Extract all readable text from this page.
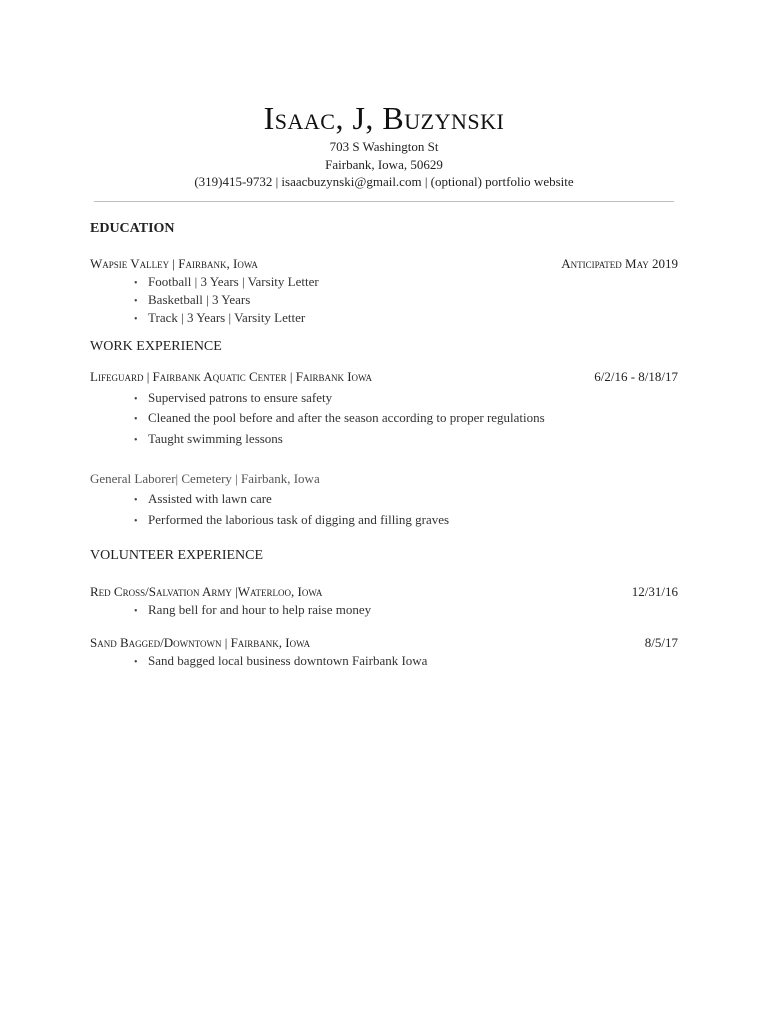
Isaac, J, Buzynski
703 S Washington St
Fairbank, Iowa, 50629
(319)415-9732 | isaacbuzynski@gmail.com | (optional) portfolio website
EDUCATION
Wapsie Valley | Fairbank, Iowa	Anticipated May 2019
• Football | 3 Years | Varsity Letter
• Basketball | 3 Years
• Track | 3 Years | Varsity Letter
WORK EXPERIENCE
Lifeguard | Fairbank Aquatic Center | Fairbank Iowa	6/2/16 - 8/18/17
• Supervised patrons to ensure safety
• Cleaned the pool before and after the season according to proper regulations
• Taught swimming lessons
General Laborer| Cemetery | Fairbank, Iowa
• Assisted with lawn care
• Performed the laborious task of digging and filling graves
VOLUNTEER EXPERIENCE
Red Cross/Salvation Army |Waterloo, Iowa	12/31/16
• Rang bell for and hour to help raise money
Sand Bagged/Downtown | Fairbank, Iowa	8/5/17
• Sand bagged local business downtown Fairbank Iowa
